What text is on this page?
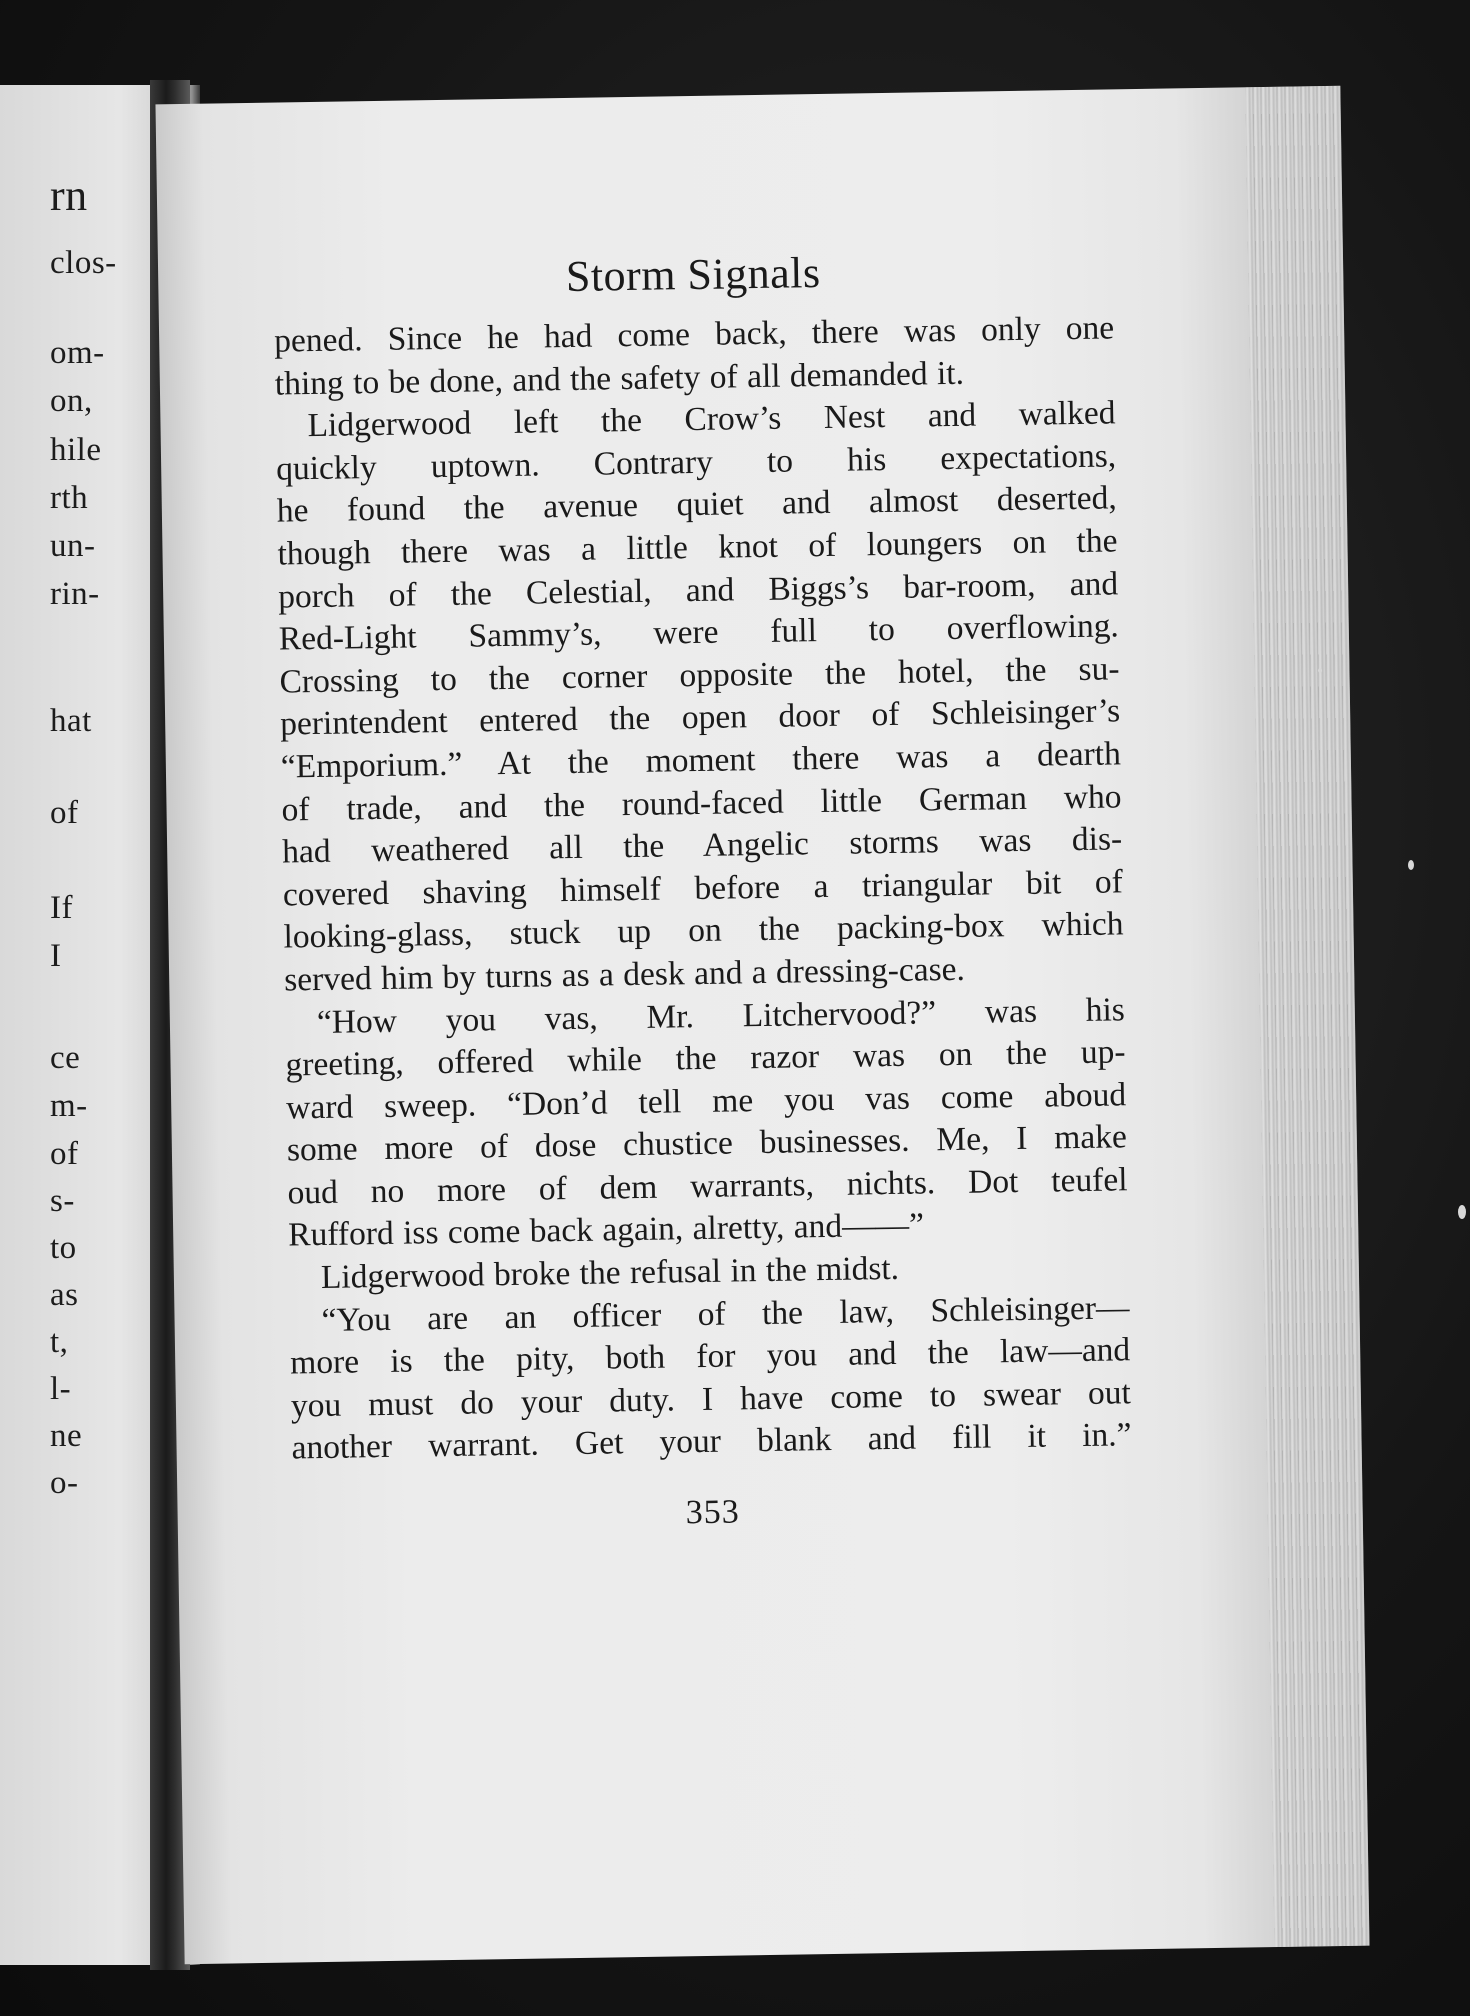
rn
clos-
om-
on,
hile
rth
un-
rin-
hat
of
If
I
ce
m-
of
s-
to
as
t,
l-
ne
o-
Storm Signals
pened. Since he had come back, there was only one
thing to be done, and the safety of all demanded it.
Lidgerwood left the Crow’s Nest and walked
quickly uptown. Contrary to his expectations,
he found the avenue quiet and almost deserted,
though there was a little knot of loungers on the
porch of the Celestial, and Biggs’s bar-room, and
Red-Light Sammy’s, were full to overflowing.
Crossing to the corner opposite the hotel, the su-
perintendent entered the open door of Schleisinger’s
“Emporium.” At the moment there was a dearth
of trade, and the round-faced little German who
had weathered all the Angelic storms was dis-
covered shaving himself before a triangular bit of
looking-glass, stuck up on the packing-box which
served him by turns as a desk and a dressing-case.
“How you vas, Mr. Litchervood?” was his
greeting, offered while the razor was on the up-
ward sweep. “Don’d tell me you vas come aboud
some more of dose chustice businesses. Me, I make
oud no more of dem warrants, nichts. Dot teufel
Rufford iss come back again, alretty, and——”
Lidgerwood broke the refusal in the midst.
“You are an officer of the law, Schleisinger—
more is the pity, both for you and the law—and
you must do your duty. I have come to swear out
another warrant. Get your blank and fill it in.”
353
